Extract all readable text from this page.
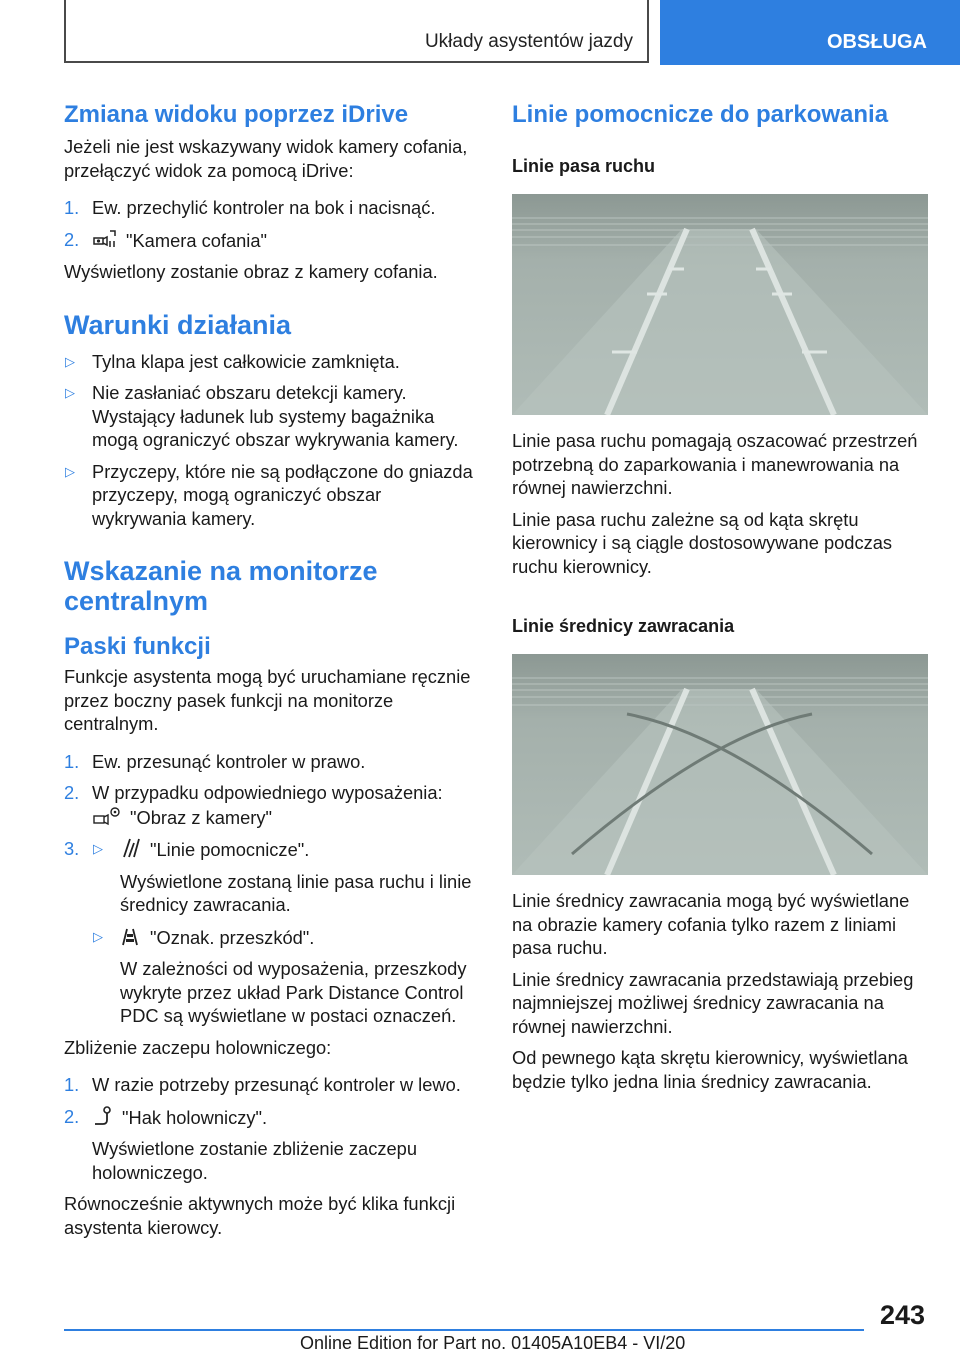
Układy asystentów jazdy	OBSŁUGA
Zmiana widoku poprzez iDrive

Jeżeli nie jest wskazywany widok kamery cofania, przełączyć widok za pomocą iDrive:

1. Ew. przechylić kontroler na bok i nacisnąć.
2.	"Kamera cofania"

Wyświetlony zostanie obraz z kamery cofania.

Warunki działania
▷ Tylna klapa jest całkowicie zamknięta.
▷ Nie zasłaniać obszaru detekcji kamery. Wystający ładunek lub systemy bagażnika mogą ograniczyć obszar wykrywania kamery.
▷ Przyczepy, które nie są podłączone do gniazda przyczepy, mogą ograniczyć obszar wykrywania kamery.
Wskazanie na monitorze centralnym
Paski funkcji

Funkcje asystenta mogą być uruchamiane ręcznie przez boczny pasek funkcji na monitorze centralnym.

1. Ew. przesunąć kontroler w prawo.
2. W przypadku odpowiedniego wyposażenia:
"Obraz z kamery"
3. ▷	"Linie pomocnicze".

Wyświetlone zostaną linie pasa ruchu i linie średnicy zawracania.

▷	"Oznak. przeszkód".

W zależności od wyposażenia, przeszkody wykryte przez układ Park Distance Control PDC są wyświetlane w postaci oznaczeń.

Zbliżenie zaczepu holowniczego:

1. W razie potrzeby przesunąć kontroler w lewo.
2. "Hak holowniczy".

Wyświetlone zostanie zbliżenie zaczepu holowniczego.

Równocześnie aktywnych może być klika funkcji asystenta kierowcy.

Linie pomocnicze do parkowania
Linie pasa ruchu

Linie pasa ruchu pomagają oszacować przestrzeń potrzebną do zaparkowania i manewrowania na równej nawierzchni.

Linie pasa ruchu zależne są od kąta skrętu kierownicy i są ciągle dostosowywane podczas ruchu kierownicy.

Linie średnicy zawracania

Linie średnicy zawracania mogą być wyświetlane na obrazie kamery cofania tylko razem z liniami pasa ruchu.

Linie średnicy zawracania przedstawiają przebieg najmniejszej możliwej średnicy zawracania na równej nawierzchni.

Od pewnego kąta skrętu kierownicy, wyświetlana będzie tylko jedna linia średnicy zawracania.

243
Online Edition for Part no. 01405A10EB4 - VI/20
